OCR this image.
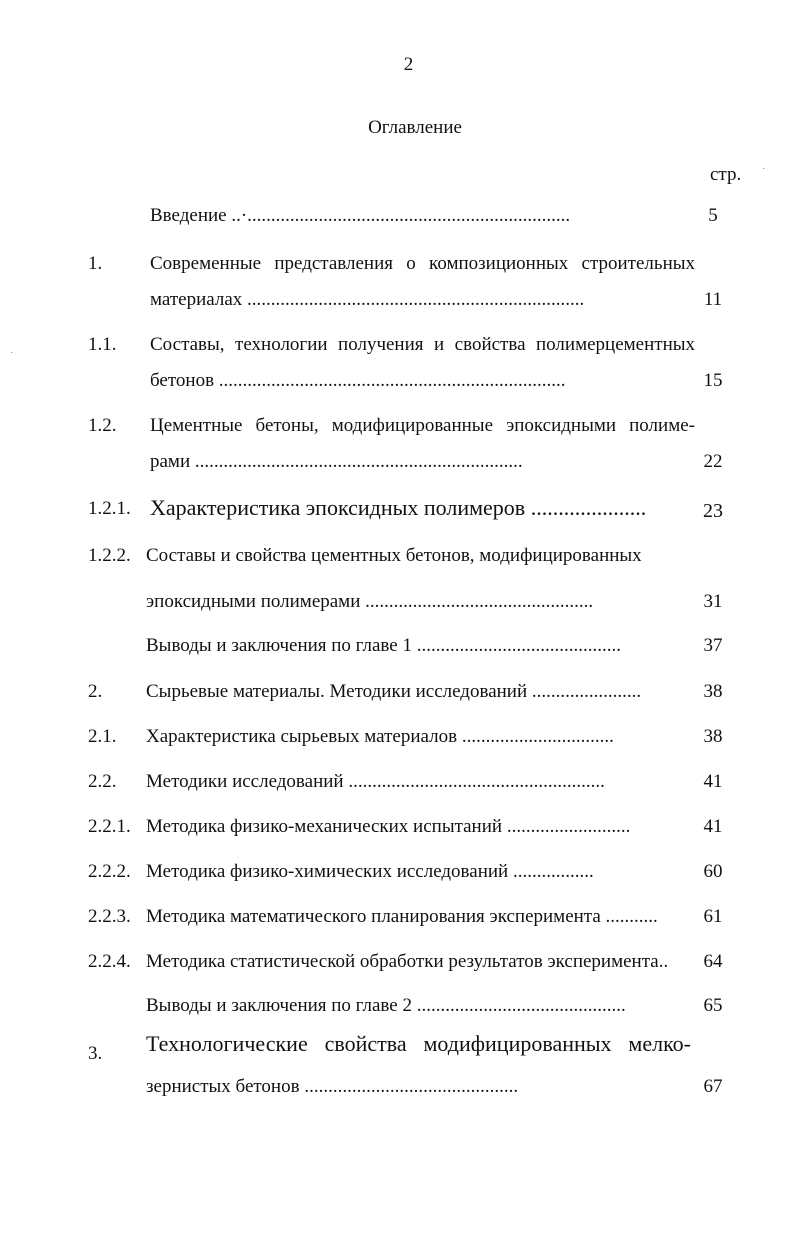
2
Оглавление
стр.
Введение ..·....................................................................	5
1.	Современные представления о композиционных строительных
материалах .......................................................................	11
1.1. Составы, технологии получения и свойства полимерцементных
бетонов .........................................................................	15
1.2. Цементные бетоны, модифицированные эпоксидными полиме-
рами .....................................................................	22
1.2.1. Характеристика эпоксидных полимеров .....................	23
1.2.2. Составы и свойства цементных бетонов, модифицированных
эпоксидными полимерами ................................................	31
Выводы и заключения по главе 1 ...........................................	37
2. Сырьевые материалы. Методики исследований .......................	38
2.1. Характеристика сырьевых материалов ................................	38
2.2. Методики исследований ......................................................	41
2.2.1. Методика физико-механических испытаний ..........................	41
2.2.2. Методика физико-химических исследований .................	60
2.2.3. Методика математического планирования эксперимента ...........	61
2.2.4. Методика статистической обработки результатов эксперимента..	64
Выводы и заключения по главе 2 ............................................	65
3. Технологические свойства модифицированных мелко-
зернистых бетонов .............................................	67
·
·
